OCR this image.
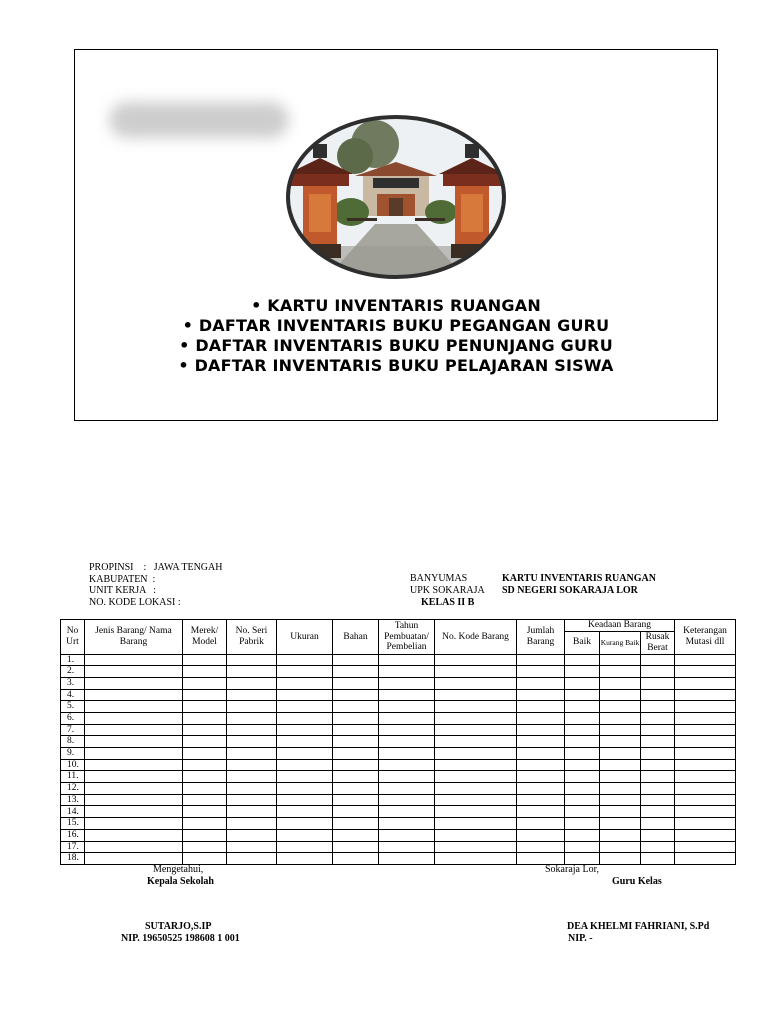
• KARTU INVENTARIS RUANGAN
• DAFTAR INVENTARIS BUKU PEGANGAN GURU
• DAFTAR INVENTARIS BUKU PENUNJANG GURU
• DAFTAR INVENTARIS BUKU PELAJARAN SISWA
PROPINSI    :   JAWA TENGAH
KABUPATEN  :
UNIT KERJA   :
NO. KODE LOKASI :
BANYUMAS
UPK SOKARAJA
KARTU INVENTARIS RUANGAN
SD NEGERI SOKARAJA LOR
KELAS II B
No Urt	Jenis Barang/ Nama Barang	Merek/ Model	No. Seri Pabrik	Ukuran	Bahan	Tahun Pembuatan/ Pembelian	No. Kode Barang	Jumlah Barang	Keadaan Barang			Keterangan Mutasi dll
									Baik	Kurang Baik	Rusak Berat	
1.												
2.												
3.												
4.												
5.												
6.												
7.												
8.												
9.												
10.												
11.												
12.												
13.												
14.												
15.												
16.												
17.												
18.												
Mengetahui,
Kepala Sekolah
SUTARJO,S.IP
NIP. 19650525 198608 1 001
Sokaraja Lor,
Guru Kelas
DEA KHELMI FAHRIANI, S.Pd
NIP. -
